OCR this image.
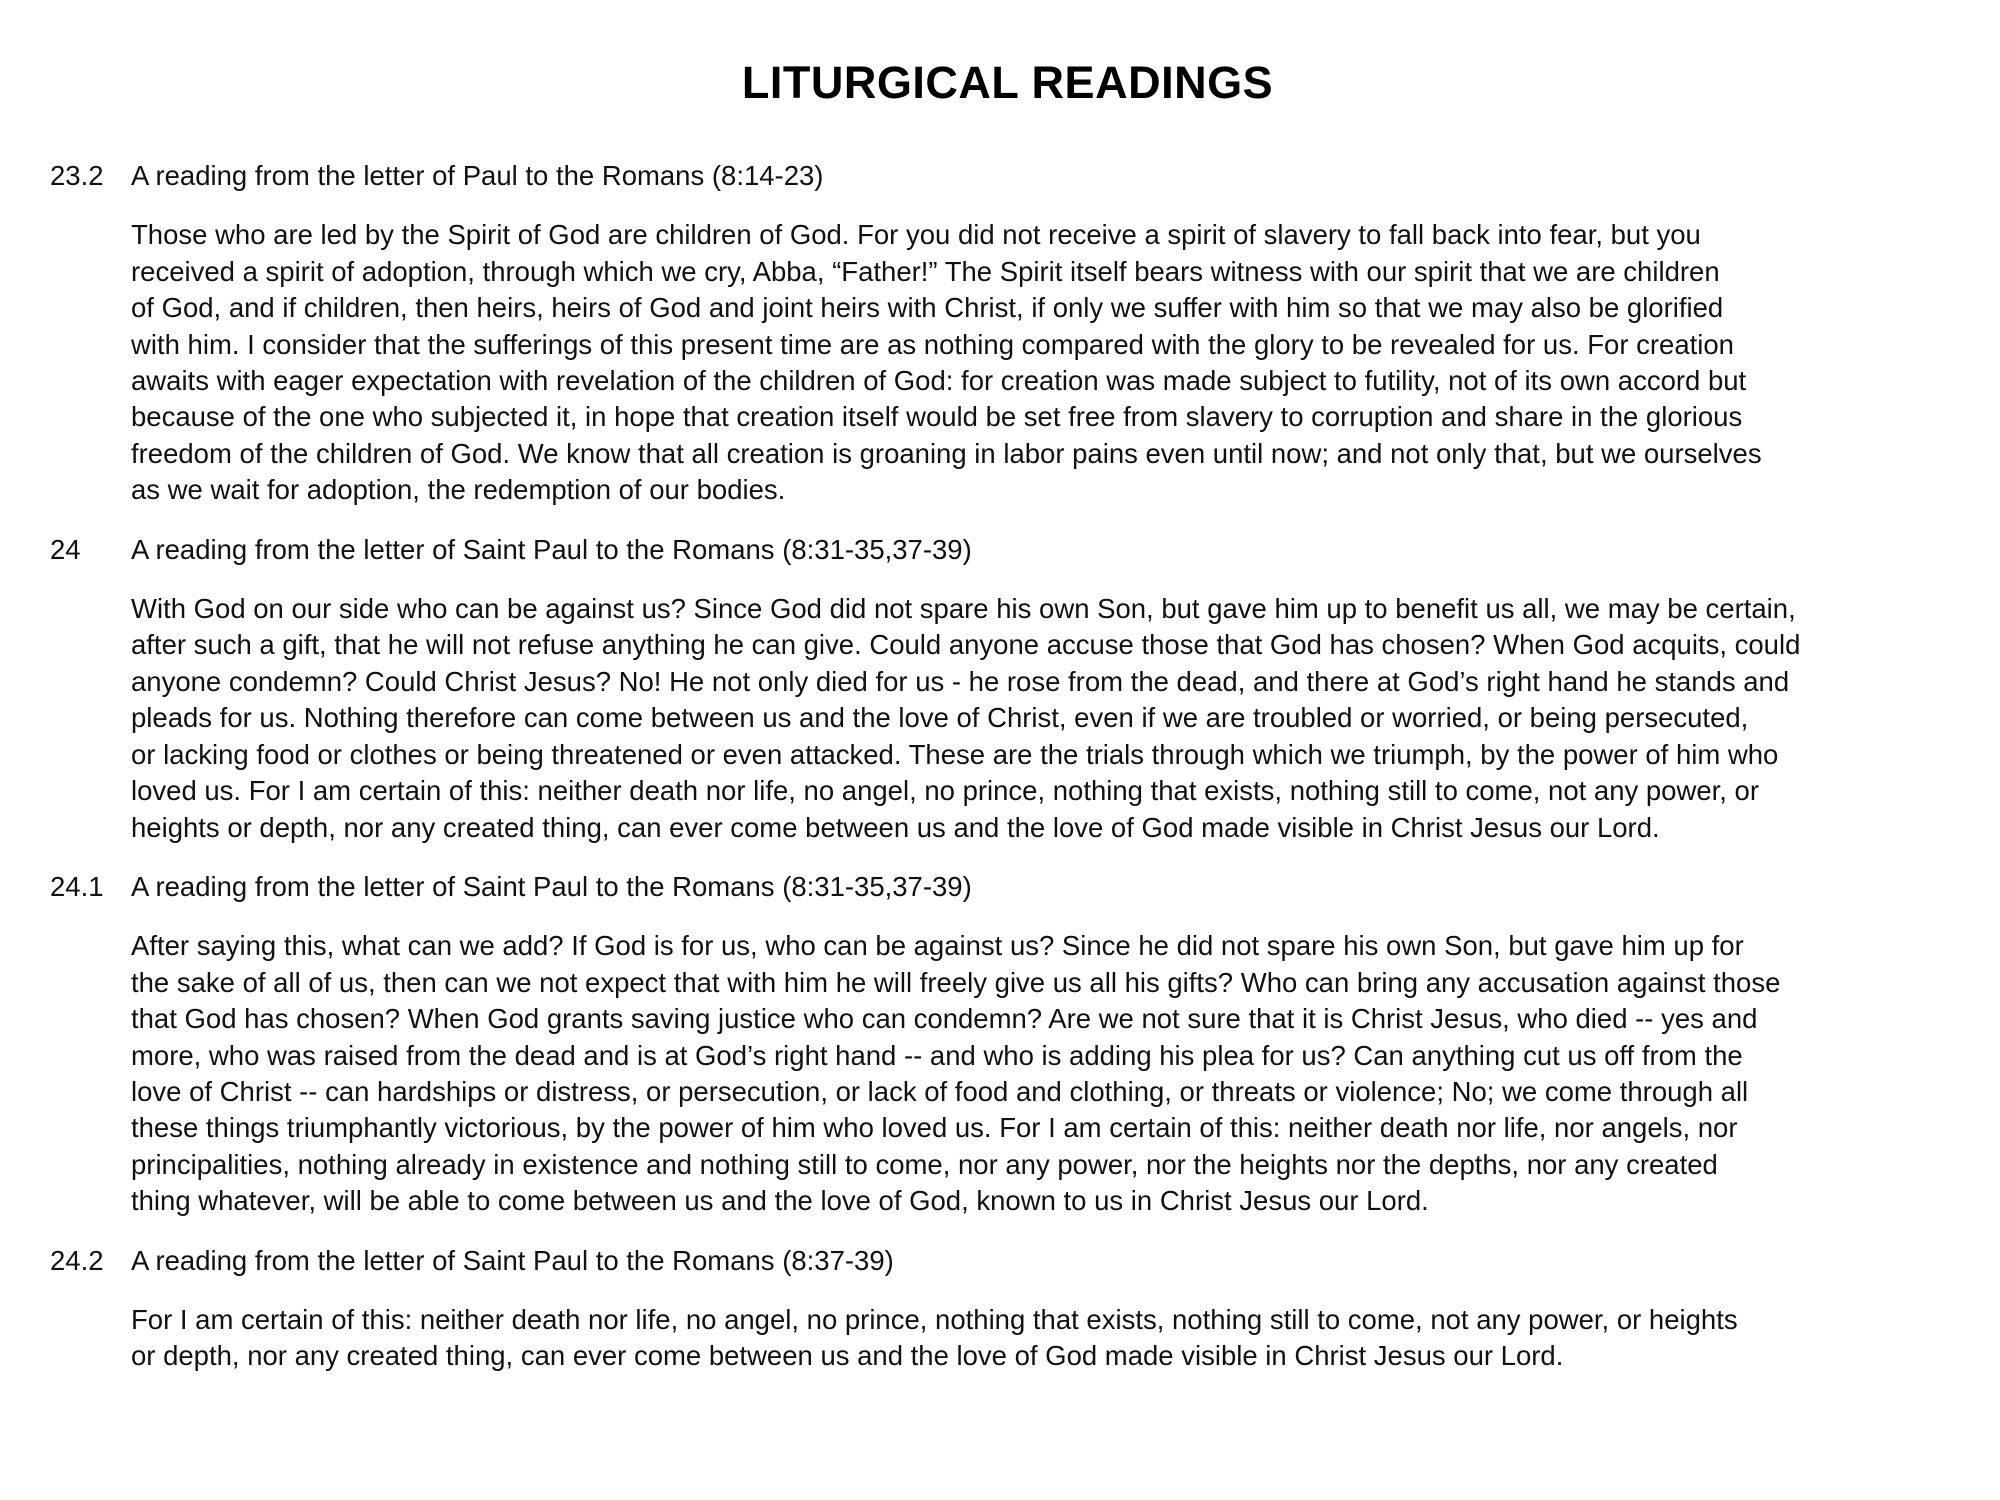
LITURGICAL READINGS
23.2 A reading from the letter of Paul to the Romans (8:14-23)
Those who are led by the Spirit of God are children of God. For you did not receive a spirit of slavery to fall back into fear, but you
received a spirit of adoption, through which we cry, Abba, “Father!” The Spirit itself bears witness with our spirit that we are children
of God, and if children, then heirs, heirs of God and joint heirs with Christ, if only we suffer with him so that we may also be glorified
with him. I consider that the sufferings of this present time are as nothing compared with the glory to be revealed for us. For creation
awaits with eager expectation with revelation of the children of God: for creation was made subject to futility, not of its own accord but
because of the one who subjected it, in hope that creation itself would be set free from slavery to corruption and share in the glorious
freedom of the children of God. We know that all creation is groaning in labor pains even until now; and not only that, but we ourselves
as we wait for adoption, the redemption of our bodies.
24	A reading from the letter of Saint Paul to the Romans (8:31-35,37-39)
With God on our side who can be against us? Since God did not spare his own Son, but gave him up to benefit us all, we may be certain,
after such a gift, that he will not refuse anything he can give. Could anyone accuse those that God has chosen? When God acquits, could
anyone condemn? Could Christ Jesus? No! He not only died for us - he rose from the dead, and there at God’s right hand he stands and
pleads for us. Nothing therefore can come between us and the love of Christ, even if we are troubled or worried, or being persecuted,
or lacking food or clothes or being threatened or even attacked. These are the trials through which we triumph, by the power of him who
loved us. For I am certain of this: neither death nor life, no angel, no prince, nothing that exists, nothing still to come, not any power, or
heights or depth, nor any created thing, can ever come between us and the love of God made visible in Christ Jesus our Lord.
24.1 A reading from the letter of Saint Paul to the Romans (8:31-35,37-39)
After saying this, what can we add? If God is for us, who can be against us? Since he did not spare his own Son, but gave him up for
the sake of all of us, then can we not expect that with him he will freely give us all his gifts? Who can bring any accusation against those
that God has chosen? When God grants saving justice who can condemn? Are we not sure that it is Christ Jesus, who died -- yes and
more, who was raised from the dead and is at God’s right hand -- and who is adding his plea for us? Can anything cut us off from the
love of Christ -- can hardships or distress, or persecution, or lack of food and clothing, or threats or violence; No; we come through all
these things triumphantly victorious, by the power of him who loved us. For I am certain of this: neither death nor life, nor angels, nor
principalities, nothing already in existence and nothing still to come, nor any power, nor the heights nor the depths, nor any created
thing whatever, will be able to come between us and the love of God, known to us in Christ Jesus our Lord.
24.2 A reading from the letter of Saint Paul to the Romans (8:37-39)
For I am certain of this: neither death nor life, no angel, no prince, nothing that exists, nothing still to come, not any power, or heights
or depth, nor any created thing, can ever come between us and the love of God made visible in Christ Jesus our Lord.
